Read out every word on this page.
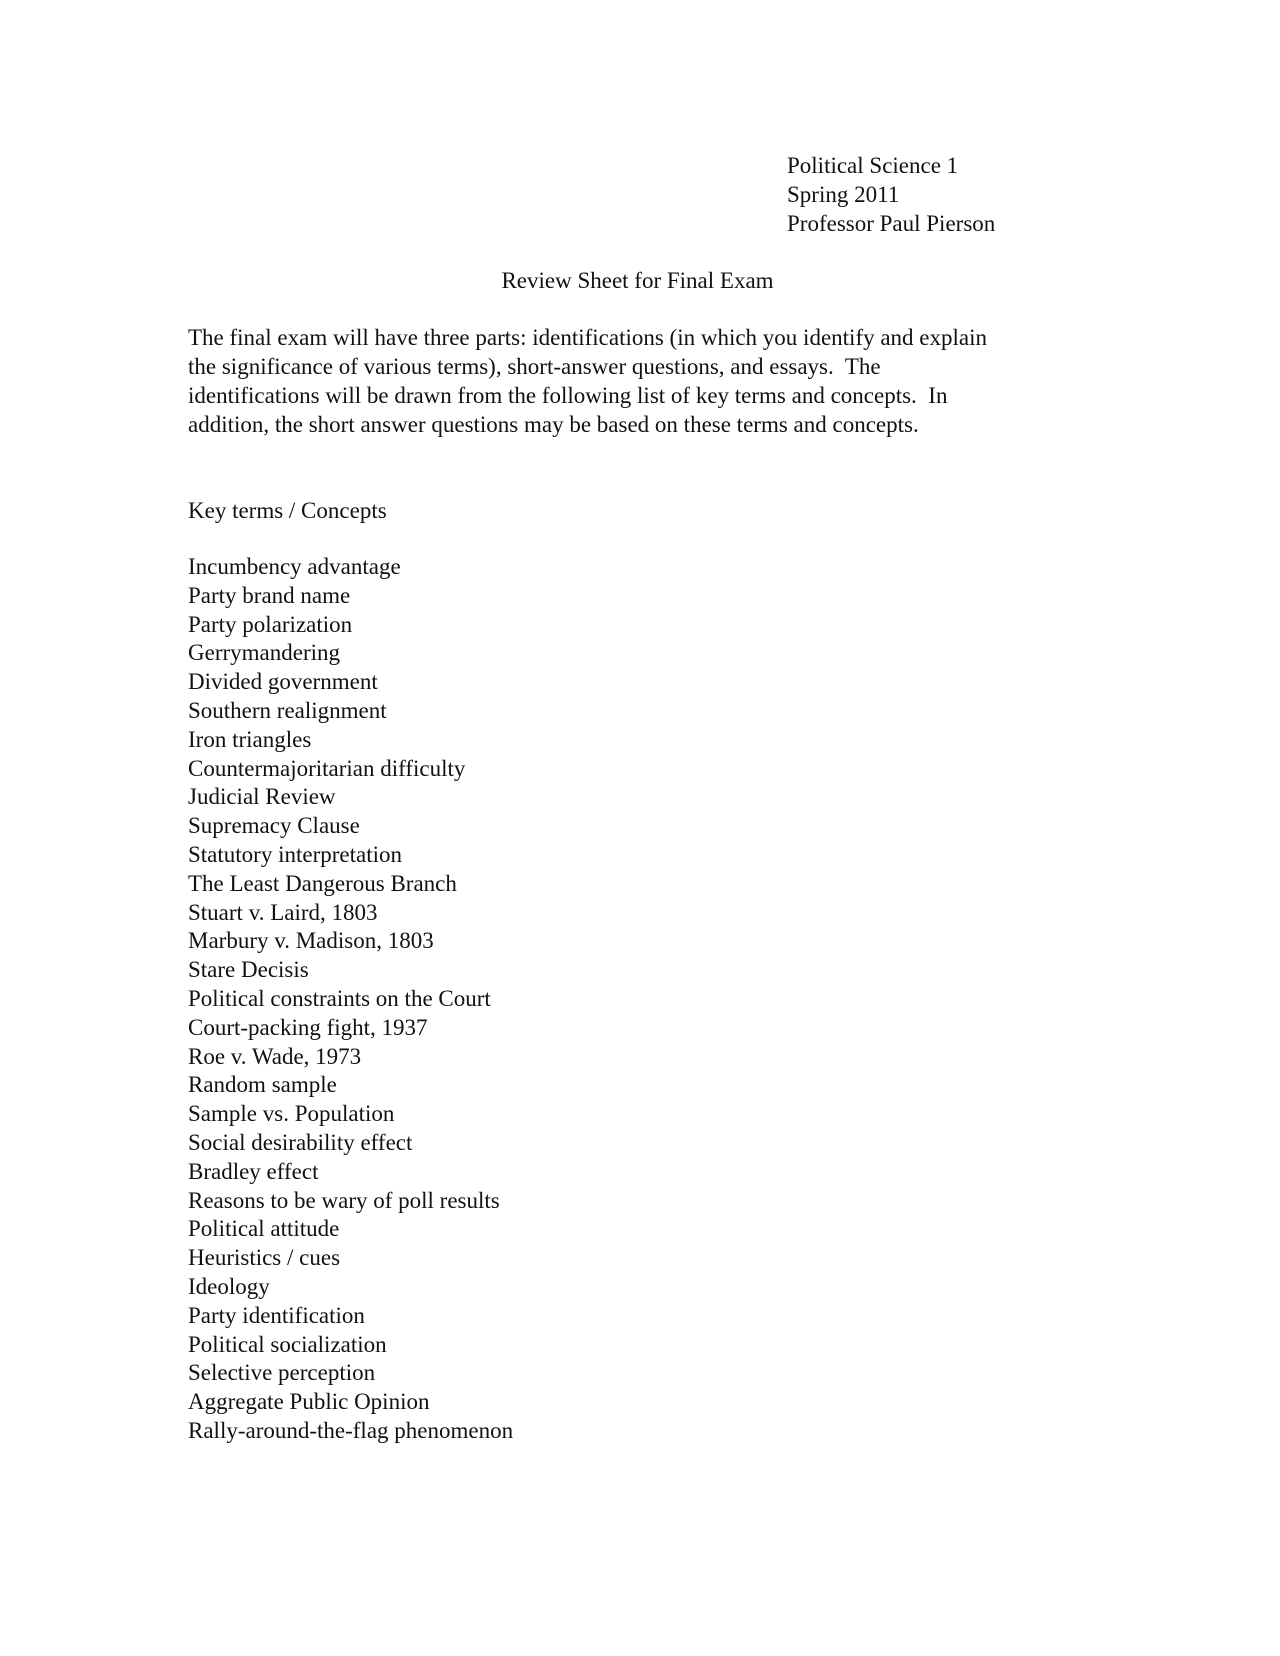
Political Science 1
Spring 2011
Professor Paul Pierson
Review Sheet for Final Exam
The final exam will have three parts: identifications (in which you identify and explain
the significance of various terms), short-answer questions, and essays.  The
identifications will be drawn from the following list of key terms and concepts.  In
addition, the short answer questions may be based on these terms and concepts.
Key terms / Concepts
Incumbency advantage
Party brand name
Party polarization
Gerrymandering
Divided government
Southern realignment
Iron triangles
Countermajoritarian difficulty
Judicial Review
Supremacy Clause
Statutory interpretation
The Least Dangerous Branch
Stuart v. Laird, 1803
Marbury v. Madison, 1803
Stare Decisis
Political constraints on the Court
Court-packing fight, 1937
Roe v. Wade, 1973
Random sample
Sample vs. Population
Social desirability effect
Bradley effect
Reasons to be wary of poll results
Political attitude
Heuristics / cues
Ideology
Party identification
Political socialization
Selective perception
Aggregate Public Opinion
Rally-around-the-flag phenomenon
